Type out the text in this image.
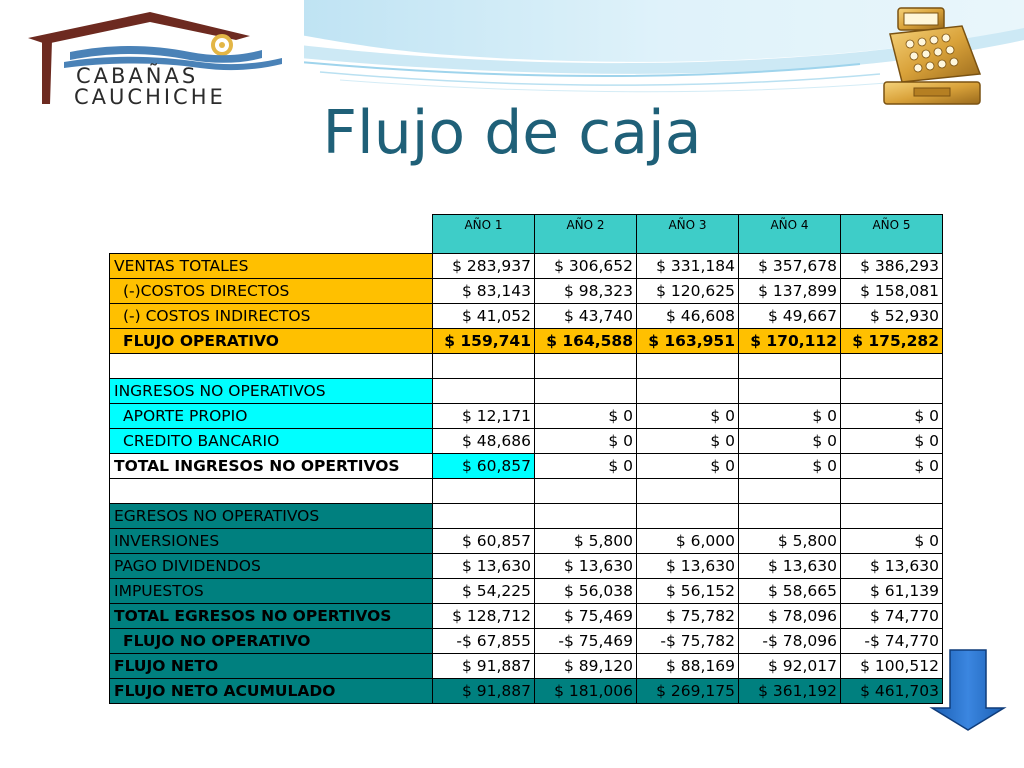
CABAÑAS
CAUCHICHE
Flujo de caja
	AÑO 1	AÑO 2	AÑO 3	AÑO 4	AÑO 5
VENTAS TOTALES	$ 283,937	$ 306,652	$ 331,184	$ 357,678	$ 386,293
(-)COSTOS DIRECTOS	$ 83,143	$ 98,323	$ 120,625	$ 137,899	$ 158,081
(-) COSTOS INDIRECTOS	$ 41,052	$ 43,740	$ 46,608	$ 49,667	$ 52,930
FLUJO OPERATIVO	$ 159,741	$ 164,588	$ 163,951	$ 170,112	$ 175,282

INGRESOS NO OPERATIVOS					
APORTE PROPIO	$ 12,171	$ 0	$ 0	$ 0	$ 0
CREDITO BANCARIO	$ 48,686	$ 0	$ 0	$ 0	$ 0
TOTAL INGRESOS NO OPERTIVOS	$ 60,857	$ 0	$ 0	$ 0	$ 0

EGRESOS NO OPERATIVOS					
INVERSIONES	$ 60,857	$ 5,800	$ 6,000	$ 5,800	$ 0
PAGO DIVIDENDOS	$ 13,630	$ 13,630	$ 13,630	$ 13,630	$ 13,630
IMPUESTOS	$ 54,225	$ 56,038	$ 56,152	$ 58,665	$ 61,139
TOTAL EGRESOS NO OPERTIVOS	$ 128,712	$ 75,469	$ 75,782	$ 78,096	$ 74,770
FLUJO NO OPERATIVO	-$ 67,855	-$ 75,469	-$ 75,782	-$ 78,096	-$ 74,770
FLUJO NETO	$ 91,887	$ 89,120	$ 88,169	$ 92,017	$ 100,512
FLUJO NETO ACUMULADO	$ 91,887	$ 181,006	$ 269,175	$ 361,192	$ 461,703
